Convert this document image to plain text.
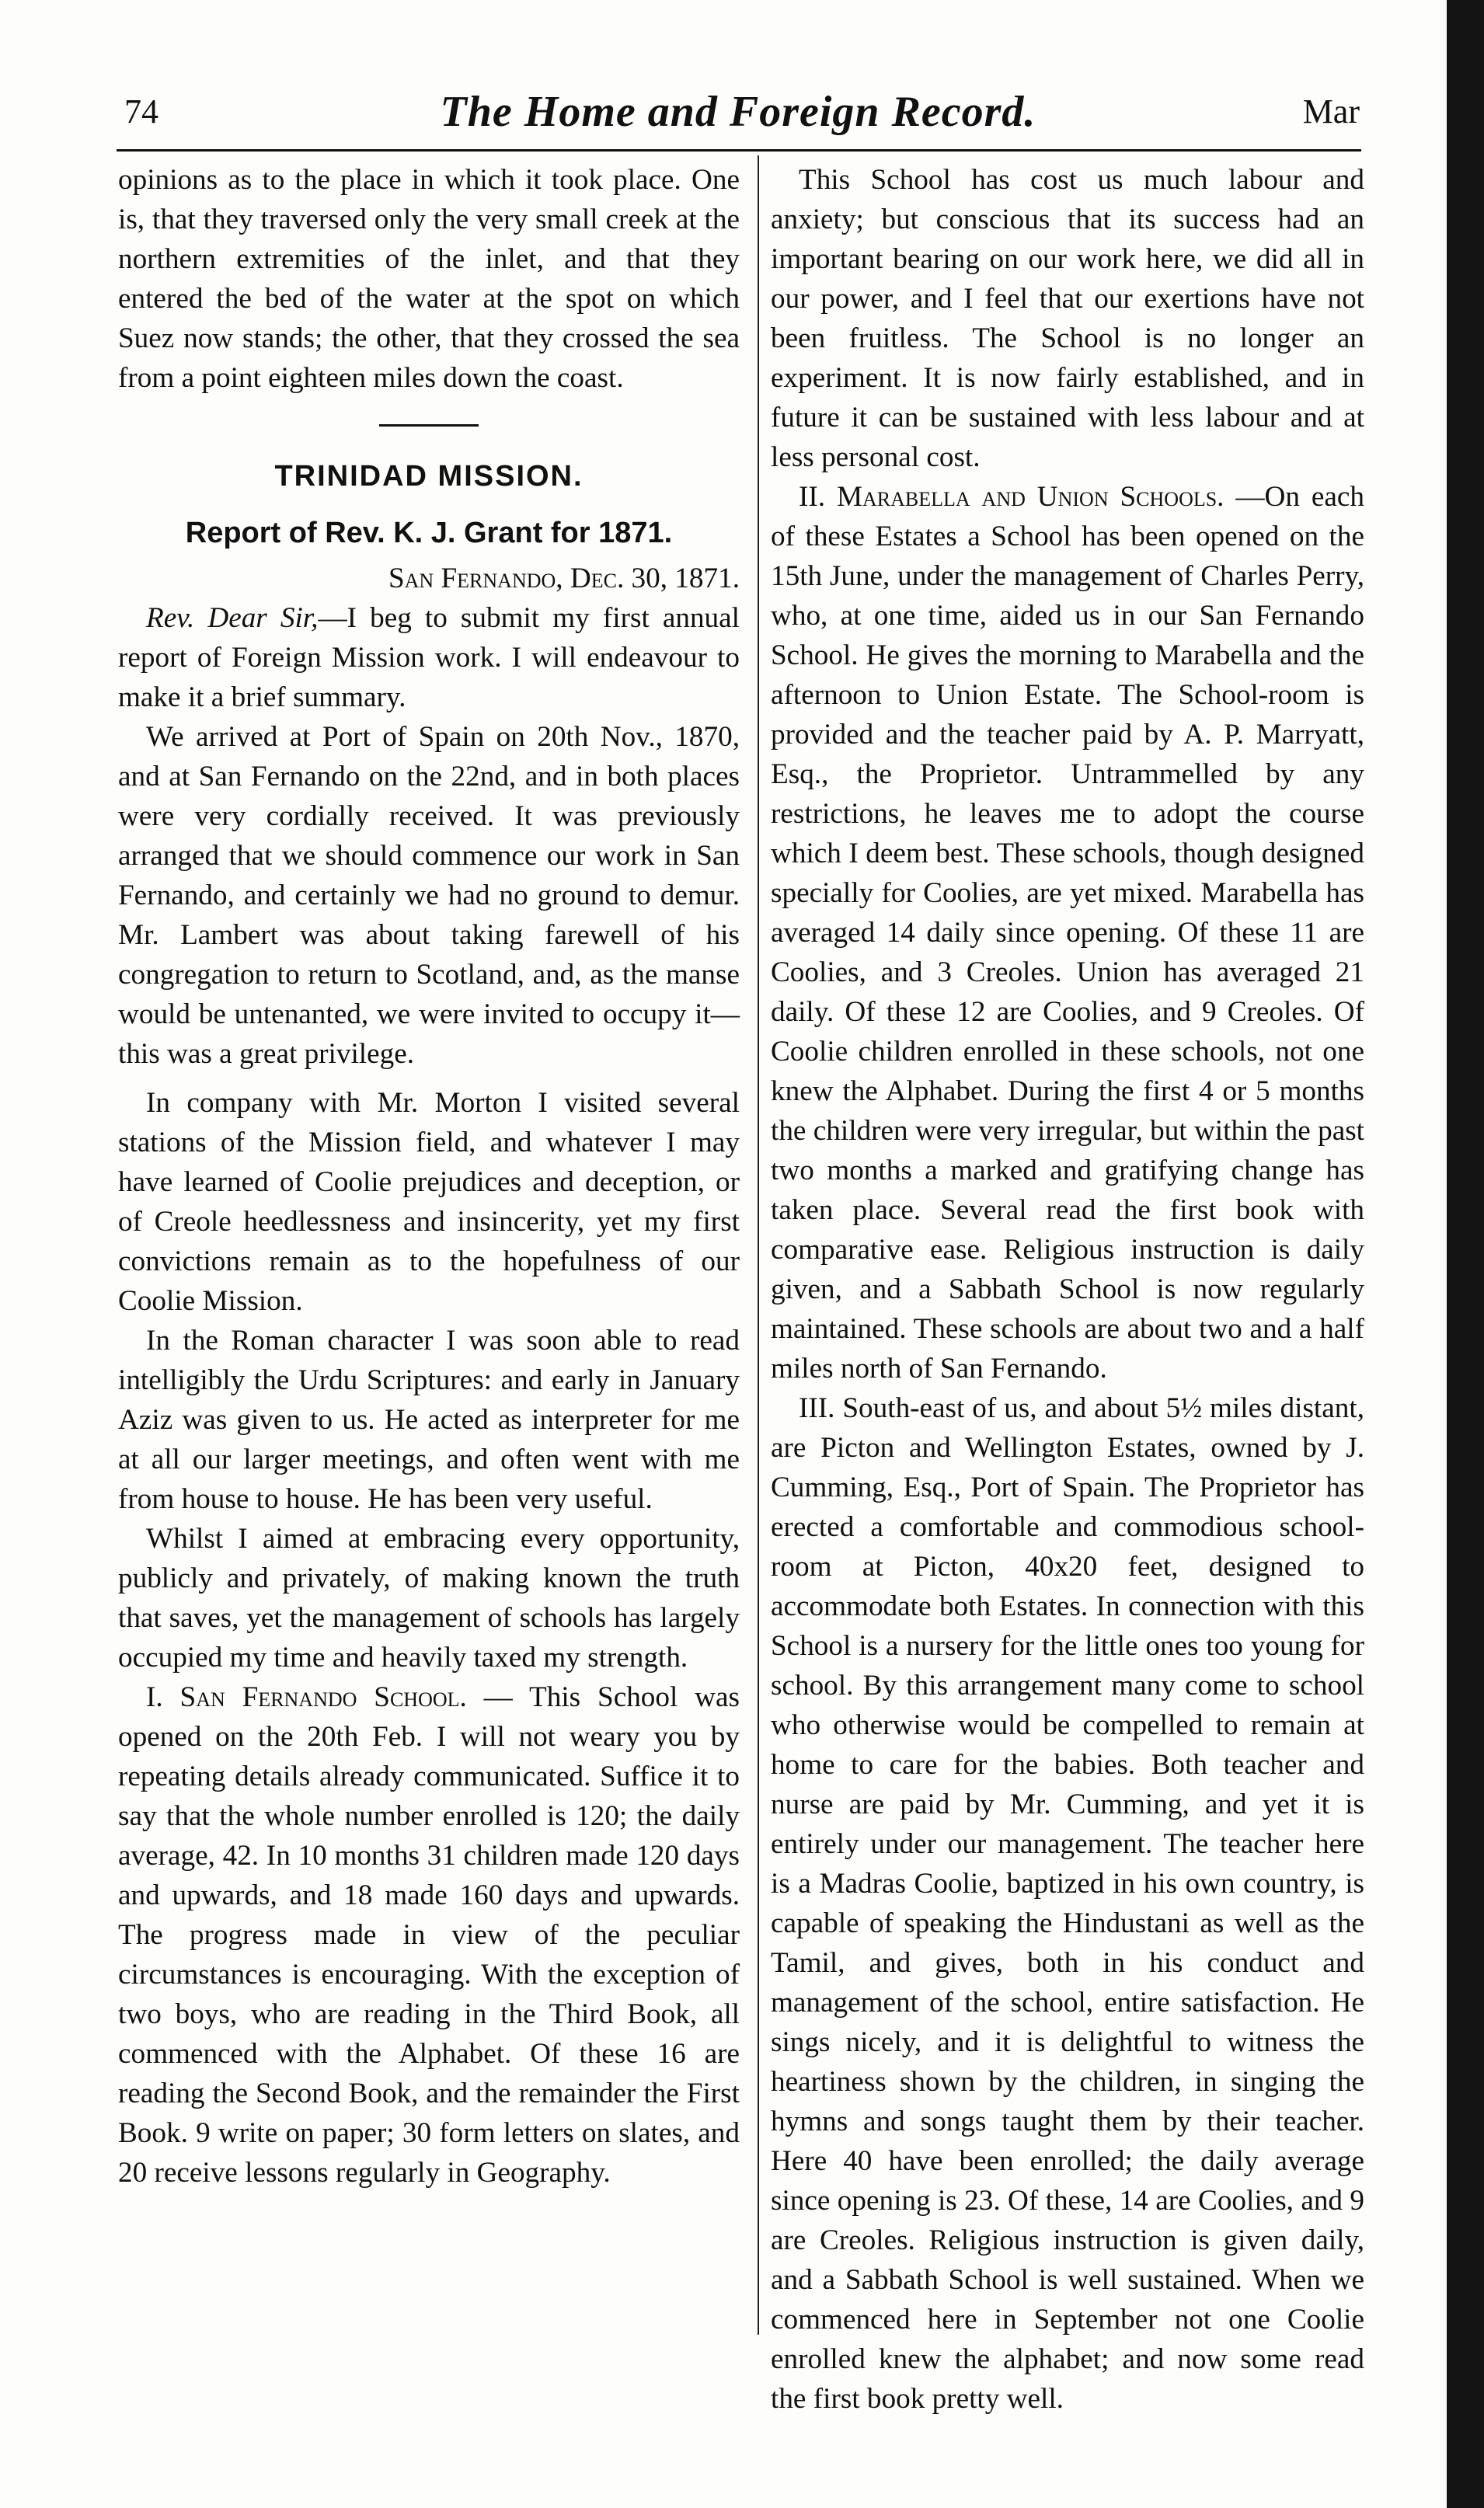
74	The Home and Foreign Record.	Mar

opinions as to the place in which it took place. One is, that they traversed only the very small creek at the northern extremities of the inlet, and that they entered the bed of the water at the spot on which Suez now stands; the other, that they crossed the sea from a point eighteen miles down the coast.

TRINIDAD MISSION.
Report of Rev. K. J. Grant for 1871.

San Fernando, Dec. 30, 1871.

Rev. Dear Sir,—I beg to submit my first annual report of Foreign Mission work. I will endeavour to make it a brief summary.

We arrived at Port of Spain on 20th Nov., 1870, and at San Fernando on the 22nd, and in both places were very cordially received. It was previously arranged that we should commence our work in San Fernando, and certainly we had no ground to demur. Mr. Lambert was about taking farewell of his congregation to return to Scotland, and, as the manse would be untenanted, we were invited to occupy it—this was a great privilege.

In company with Mr. Morton I visited several stations of the Mission field, and whatever I may have learned of Coolie prejudices and deception, or of Creole heedlessness and insincerity, yet my first convictions remain as to the hopefulness of our Coolie Mission.

In the Roman character I was soon able to read intelligibly the Urdu Scriptures: and early in January Aziz was given to us. He acted as interpreter for me at all our larger meetings, and often went with me from house to house. He has been very useful.

Whilst I aimed at embracing every opportunity, publicly and privately, of making known the truth that saves, yet the management of schools has largely occupied my time and heavily taxed my strength.

I. San Fernando School. — This School was opened on the 20th Feb. I will not weary you by repeating details already communicated. Suffice it to say that the whole number enrolled is 120; the daily average, 42. In 10 months 31 children made 120 days and upwards, and 18 made 160 days and upwards. The progress made in view of the peculiar circumstances is encouraging. With the exception of two boys, who are reading in the Third Book, all commenced with the Alphabet. Of these 16 are reading the Second Book, and the remainder the First Book. 9 write on paper; 30 form letters on slates, and 20 receive lessons regularly in Geography.

This School has cost us much labour and anxiety; but conscious that its success had an important bearing on our work here, we did all in our power, and I feel that our exertions have not been fruitless. The School is no longer an experiment. It is now fairly established, and in future it can be sustained with less labour and at less personal cost.

II. Marabella and Union Schools. —On each of these Estates a School has been opened on the 15th June, under the management of Charles Perry, who, at one time, aided us in our San Fernando School. He gives the morning to Marabella and the afternoon to Union Estate. The School-room is provided and the teacher paid by A. P. Marryatt, Esq., the Proprietor. Untrammelled by any restrictions, he leaves me to adopt the course which I deem best. These schools, though designed specially for Coolies, are yet mixed. Marabella has averaged 14 daily since opening. Of these 11 are Coolies, and 3 Creoles. Union has averaged 21 daily. Of these 12 are Coolies, and 9 Creoles. Of Coolie children enrolled in these schools, not one knew the Alphabet. During the first 4 or 5 months the children were very irregular, but within the past two months a marked and gratifying change has taken place. Several read the first book with comparative ease. Religious instruction is daily given, and a Sabbath School is now regularly maintained. These schools are about two and a half miles north of San Fernando.

III. South-east of us, and about 5½ miles distant, are Picton and Wellington Estates, owned by J. Cumming, Esq., Port of Spain. The Proprietor has erected a comfortable and commodious school-room at Picton, 40x20 feet, designed to accommodate both Estates. In connection with this School is a nursery for the little ones too young for school. By this arrangement many come to school who otherwise would be compelled to remain at home to care for the babies. Both teacher and nurse are paid by Mr. Cumming, and yet it is entirely under our management. The teacher here is a Madras Coolie, baptized in his own country, is capable of speaking the Hindustani as well as the Tamil, and gives, both in his conduct and management of the school, entire satisfaction. He sings nicely, and it is delightful to witness the heartiness shown by the children, in singing the hymns and songs taught them by their teacher. Here 40 have been enrolled; the daily average since opening is 23. Of these, 14 are Coolies, and 9 are Creoles. Religious instruction is given daily, and a Sabbath School is well sustained. When we commenced here in September not one Coolie enrolled knew the alphabet; and now some read the first book pretty well.
